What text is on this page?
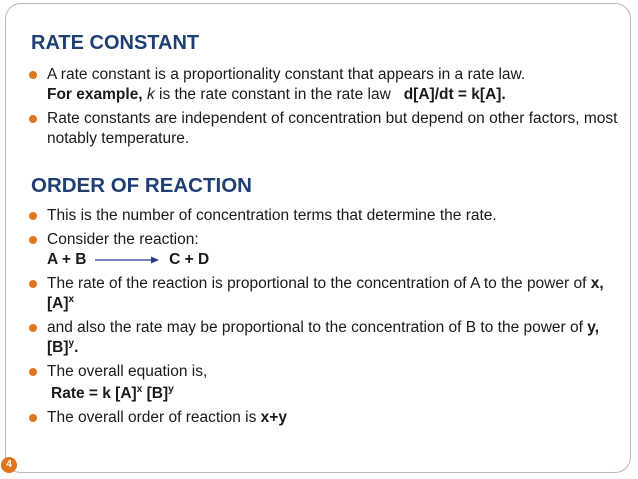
RATE CONSTANT
A rate constant is a proportionality constant that appears in a rate law.
For example, k is the rate constant in the rate law d[A]/dt = k[A].
Rate constants are independent of concentration but depend on other factors, most notably temperature.
ORDER OF REACTION
This is the number of concentration terms that determine the rate.
Consider the reaction:
A + B	C + D
The rate of the reaction is proportional to the concentration of A to the power of x,  $[A]^x$
and also the rate may be proportional to the concentration of B to the power of y, $[B]^y$.
The overall equation is,
Rate = k $[A]^x$ $[B]^y$
The overall order of reaction is x+y
4
